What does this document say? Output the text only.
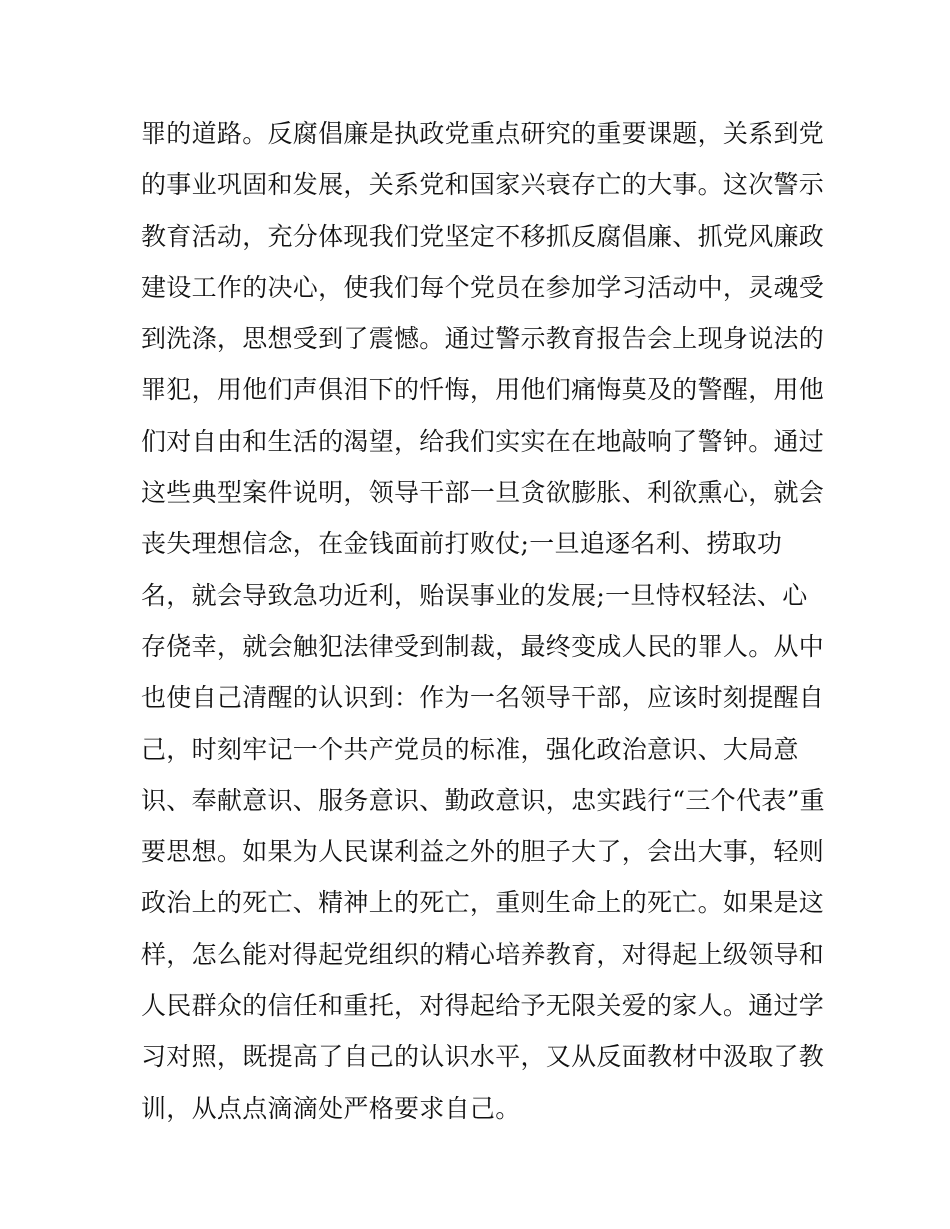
罪的道路。反腐倡廉是执政党重点研究的重要课题，关系到党
的事业巩固和发展，关系党和国家兴衰存亡的大事。这次警示
教育活动，充分体现我们党坚定不移抓反腐倡廉、抓党风廉政
建设工作的决心，使我们每个党员在参加学习活动中，灵魂受
到洗涤，思想受到了震憾。通过警示教育报告会上现身说法的
罪犯，用他们声俱泪下的忏悔，用他们痛悔莫及的警醒，用他
们对自由和生活的渴望，给我们实实在在地敲响了警钟。通过
这些典型案件说明，领导干部一旦贪欲膨胀、利欲熏心，就会
丧失理想信念，在金钱面前打败仗;一旦追逐名利、捞取功
名，就会导致急功近利，贻误事业的发展;一旦恃权轻法、心
存侥幸，就会触犯法律受到制裁，最终变成人民的罪人。从中
也使自己清醒的认识到：作为一名领导干部，应该时刻提醒自
己，时刻牢记一个共产党员的标准，强化政治意识、大局意
识、奉献意识、服务意识、勤政意识，忠实践行“三个代表”重
要思想。如果为人民谋利益之外的胆子大了，会出大事，轻则
政治上的死亡、精神上的死亡，重则生命上的死亡。如果是这
样，怎么能对得起党组织的精心培养教育，对得起上级领导和
人民群众的信任和重托，对得起给予无限关爱的家人。通过学
习对照，既提高了自己的认识水平，又从反面教材中汲取了教
训，从点点滴滴处严格要求自己。
